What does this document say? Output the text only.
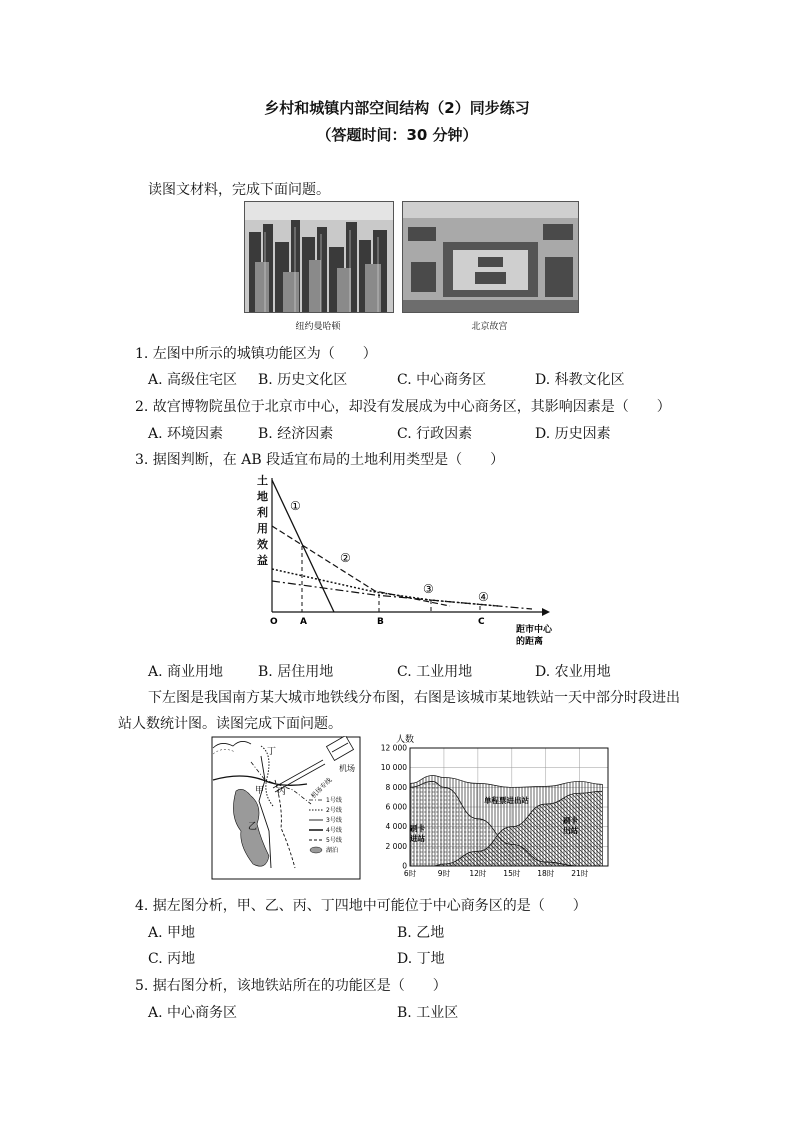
乡村和城镇内部空间结构（2）同步练习
（答题时间：30 分钟）
读图文材料，完成下面问题。
纽约曼哈顿	北京故宫
1. 左图中所示的城镇功能区为（　　）
A. 高级住宅区 B. 历史文化区	C. 中心商务区	D. 科教文化区
2. 故宫博物院虽位于北京市中心，却没有发展成为中心商务区，其影响因素是（　　）
A. 环境因素 B. 经济因素	C. 行政因素	D. 历史因素
3. 据图判断，在 AB 段适宜布局的土地利用类型是（　　）
土
地
利
用
效
益
O A	B	C
距市中心
的距离
①
②
③
④
A. 商业用地 B. 居住用地	C. 工业用地	D. 农业用地
下左图是我国南方某大城市地铁线分布图，右图是该城市某地铁站一天中部分时段进出
站人数统计图。读图完成下面问题。
机场
机场专线
甲
乙
丙
丁
1号线
2号线
3号线
4号线
5号线
湖泊
人数
12 000
10 000
8 000
6 000
4 000
2 000
0
6时	9时	12时 15时 18时 21时
单程票进出站
刷卡
进站
刷卡
出站
4. 据左图分析，甲、乙、丙、丁四地中可能位于中心商务区的是（　　）
A. 甲地	B. 乙地
C. 丙地	D. 丁地
5. 据右图分析，该地铁站所在的功能区是（　　）
A. 中心商务区	B. 工业区
